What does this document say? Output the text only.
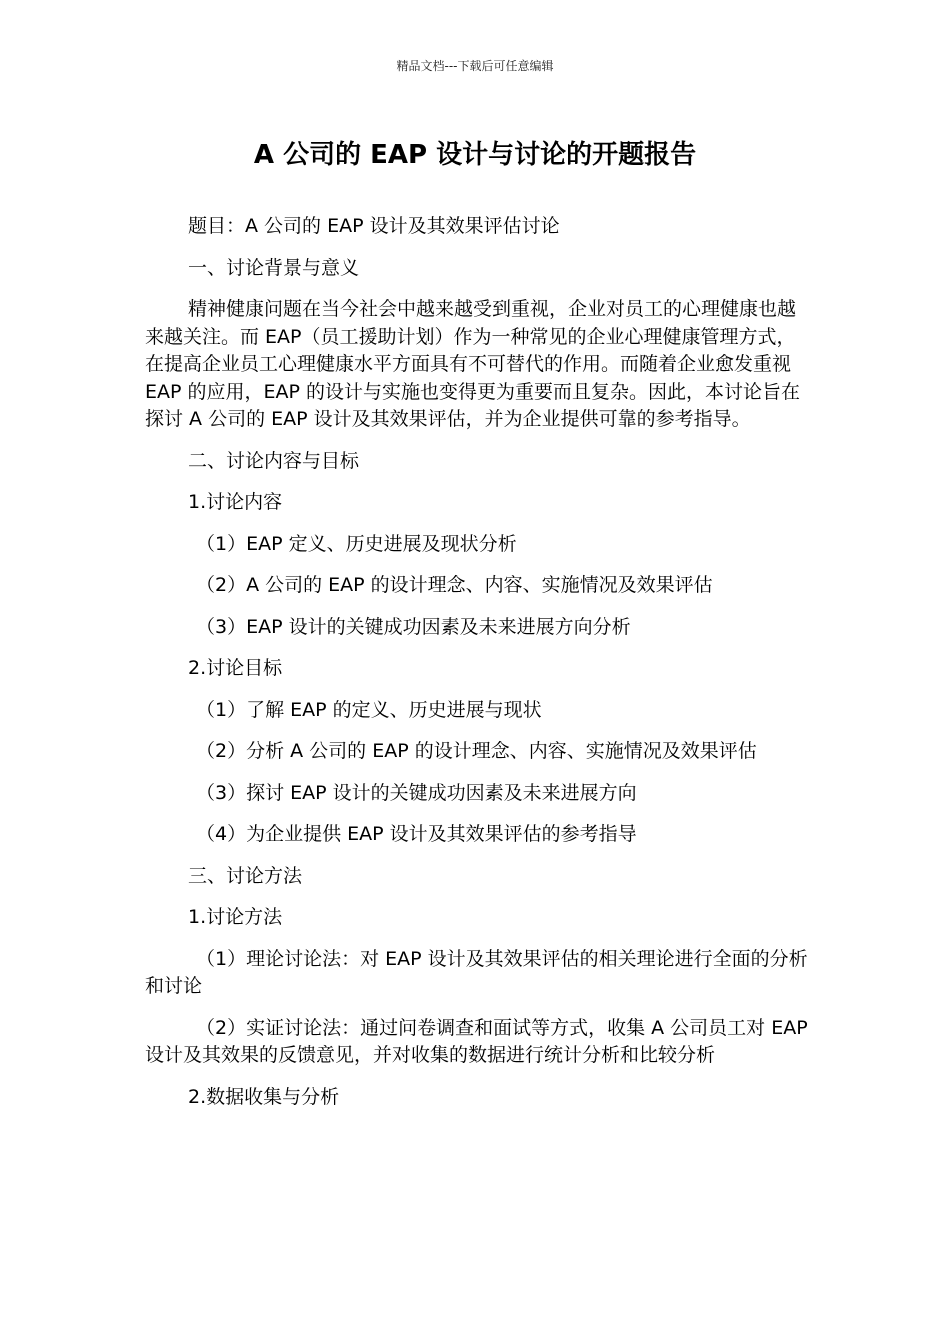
精品文档---下载后可任意编辑
A 公司的 EAP 设计与讨论的开题报告

题目：A 公司的 EAP 设计及其效果评估讨论

一、讨论背景与意义

精神健康问题在当今社会中越来越受到重视，企业对员工的心理健康也越来越关注。而 EAP（员工援助计划）作为一种常见的企业心理健康管理方式，在提高企业员工心理健康水平方面具有不可替代的作用。而随着企业愈发重视 EAP 的应用，EAP 的设计与实施也变得更为重要而且复杂。因此，本讨论旨在探讨 A 公司的 EAP 设计及其效果评估，并为企业提供可靠的参考指导。

二、讨论内容与目标

1.讨论内容

（1）EAP 定义、历史进展及现状分析

（2）A 公司的 EAP 的设计理念、内容、实施情况及效果评估

（3）EAP 设计的关键成功因素及未来进展方向分析

2.讨论目标

（1）了解 EAP 的定义、历史进展与现状

（2）分析 A 公司的 EAP 的设计理念、内容、实施情况及效果评估

（3）探讨 EAP 设计的关键成功因素及未来进展方向

（4）为企业提供 EAP 设计及其效果评估的参考指导

三、讨论方法

1.讨论方法

（1）理论讨论法：对 EAP 设计及其效果评估的相关理论进行全面的分析和讨论

（2）实证讨论法：通过问卷调查和面试等方式，收集 A 公司员工对 EAP 设计及其效果的反馈意见，并对收集的数据进行统计分析和比较分析

2.数据收集与分析
